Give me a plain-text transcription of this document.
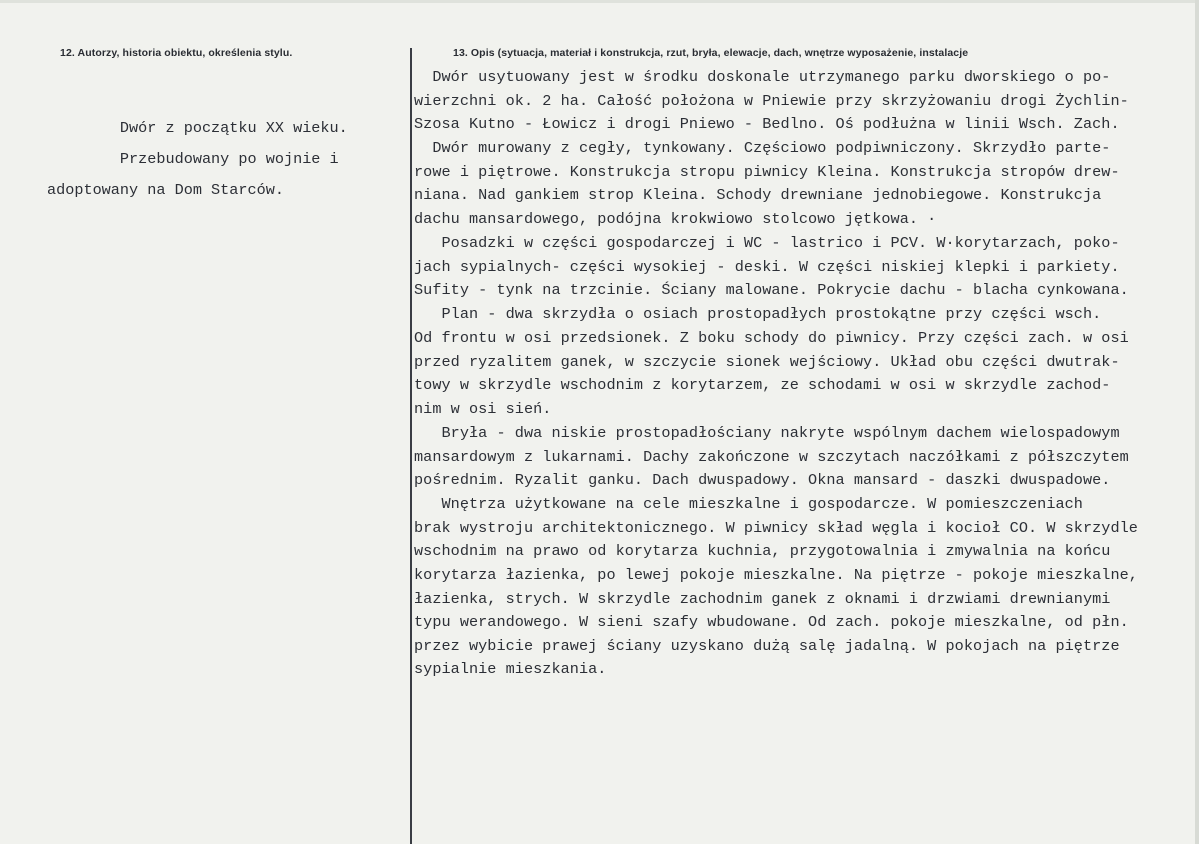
12. Autorzy, historia obiektu, określenia stylu.	13. Opis (sytuacja, materiał i konstrukcja, rzut, bryła, elewacje, dach, wnętrze wyposażenie, instalacje
Dwór z początku XX wieku.
Przebudowany po wojnie i
adoptowany na Dom Starców.
Dwór usytuowany jest w środku doskonale utrzymanego parku dworskiego o po-
wierzchni ok. 2 ha. Całość położona w Pniewie przy skrzyżowaniu drogi Żychlin-
Szosa Kutno - Łowicz i drogi Pniewo - Bedlno. Oś podłużna w linii Wsch. Zach.
Dwór murowany z cegły, tynkowany. Częściowo podpiwniczony. Skrzydło parte-
rowe i piętrowe. Konstrukcja stropu piwnicy Kleina. Konstrukcja stropów drew-
niana. Nad gankiem strop Kleina. Schody drewniane jednobiegowe. Konstrukcja
dachu mansardowego, podójna krokwiowo stolcowo jętkowa. ·
Posadzki w części gospodarczej i WC - lastrico i PCV. W·korytarzach, poko-
jach sypialnych- części wysokiej - deski. W części niskiej klepki i parkiety.
Sufity - tynk na trzcinie. Ściany malowane. Pokrycie dachu - blacha cynkowana.
Plan - dwa skrzydła o osiach prostopadłych prostokątne przy części wsch.
Od frontu w osi przedsionek. Z boku schody do piwnicy. Przy części zach. w osi
przed ryzalitem ganek, w szczycie sionek wejściowy. Układ obu części dwutrak-
towy w skrzydle wschodnim z korytarzem, ze schodami w osi w skrzydle zachod-
nim w osi sień.
Bryła - dwa niskie prostopadłościany nakryte wspólnym dachem wielospadowym
mansardowym z lukarnami. Dachy zakończone w szczytach naczółkami z półszczytem
pośrednim. Ryzalit ganku. Dach dwuspadowy. Okna mansard - daszki dwuspadowe.
Wnętrza użytkowane na cele mieszkalne i gospodarcze. W pomieszczeniach
brak wystroju architektonicznego. W piwnicy skład węgla i kocioł CO. W skrzydle
wschodnim na prawo od korytarza kuchnia, przygotowalnia i zmywalnia na końcu
korytarza łazienka, po lewej pokoje mieszkalne. Na piętrze - pokoje mieszkalne,
łazienka, strych. W skrzydle zachodnim ganek z oknami i drzwiami drewnianymi
typu werandowego. W sieni szafy wbudowane. Od zach. pokoje mieszkalne, od płn.
przez wybicie prawej ściany uzyskano dużą salę jadalną. W pokojach na piętrze
sypialnie mieszkania.
